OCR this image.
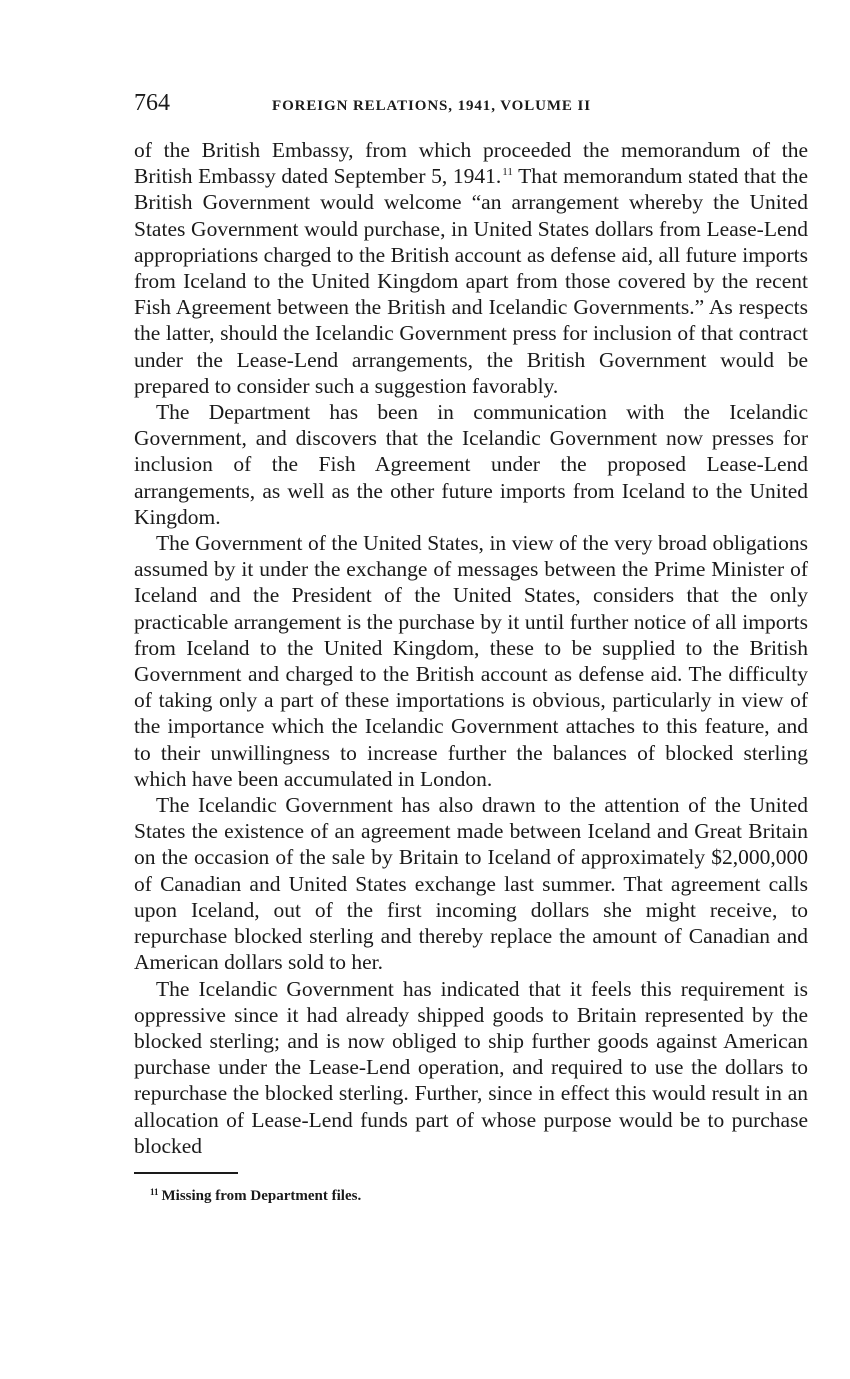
764	FOREIGN RELATIONS, 1941, VOLUME II

of the British Embassy, from which proceeded the memorandum of the British Embassy dated September 5, 1941.11 That memorandum stated that the British Government would welcome “an arrangement whereby the United States Government would purchase, in United States dollars from Lease-Lend appropriations charged to the British account as defense aid, all future imports from Iceland to the United Kingdom apart from those covered by the recent Fish Agreement between the British and Icelandic Governments.” As respects the latter, should the Icelandic Government press for inclusion of that contract under the Lease-Lend arrangements, the British Government would be prepared to consider such a suggestion favorably.

The Department has been in communication with the Icelandic Government, and discovers that the Icelandic Government now presses for inclusion of the Fish Agreement under the proposed Lease-Lend arrangements, as well as the other future imports from Iceland to the United Kingdom.

The Government of the United States, in view of the very broad obligations assumed by it under the exchange of messages between the Prime Minister of Iceland and the President of the United States, considers that the only practicable arrangement is the purchase by it until further notice of all imports from Iceland to the United Kingdom, these to be supplied to the British Government and charged to the British account as defense aid. The difficulty of taking only a part of these importations is obvious, particularly in view of the importance which the Icelandic Government attaches to this feature, and to their unwillingness to increase further the balances of blocked sterling which have been accumulated in London.

The Icelandic Government has also drawn to the attention of the United States the existence of an agreement made between Iceland and Great Britain on the occasion of the sale by Britain to Iceland of approximately $2,000,000 of Canadian and United States exchange last summer. That agreement calls upon Iceland, out of the first incoming dollars she might receive, to repurchase blocked sterling and thereby replace the amount of Canadian and American dollars sold to her.

The Icelandic Government has indicated that it feels this requirement is oppressive since it had already shipped goods to Britain represented by the blocked sterling; and is now obliged to ship further goods against American purchase under the Lease-Lend operation, and required to use the dollars to repurchase the blocked sterling. Further, since in effect this would result in an allocation of Lease-Lend funds part of whose purpose would be to purchase blocked

$^{11}$ Missing from Department files.
